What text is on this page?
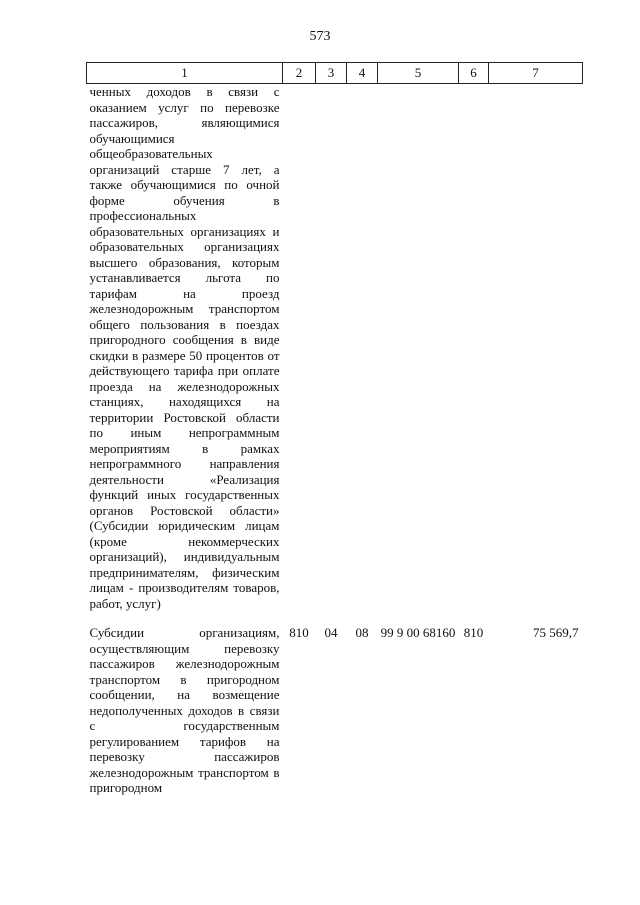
573
1	2	3	4	5	6	7
ченных доходов в связи с оказанием услуг по перевозке пассажиров, являющимися обучающимися общеобразовательных организаций старше 7 лет, а также обучающимися по очной форме обучения в профессиональных образовательных организациях и образовательных организациях высшего образования, которым устанавливается льгота по тарифам на проезд железнодорожным транспортом общего пользования в поездах пригородного сообщения в виде скидки в размере 50 процентов от действующего тарифа при оплате проезда на железнодорожных станциях, находящихся на территории Ростовской области по иным непрограммным мероприятиям в рамках непрограммного направления деятельности «Реализация функций иных государственных органов Ростовской области» (Субсидии юридическим лицам (кроме некоммерческих организаций), индивидуальным предпринимателям, физическим лицам - производителям товаров, работ, услуг)						

Субсидии организациям, осуществляющим перевозку пассажиров железнодорожным транспортом в пригородном сообщении, на возмещение недополученных доходов в связи с государственным регулированием тарифов на перевозку пассажиров железнодорожным транспортом в пригородном	810	04	08	99 9 00 68160	810	75 569,7
